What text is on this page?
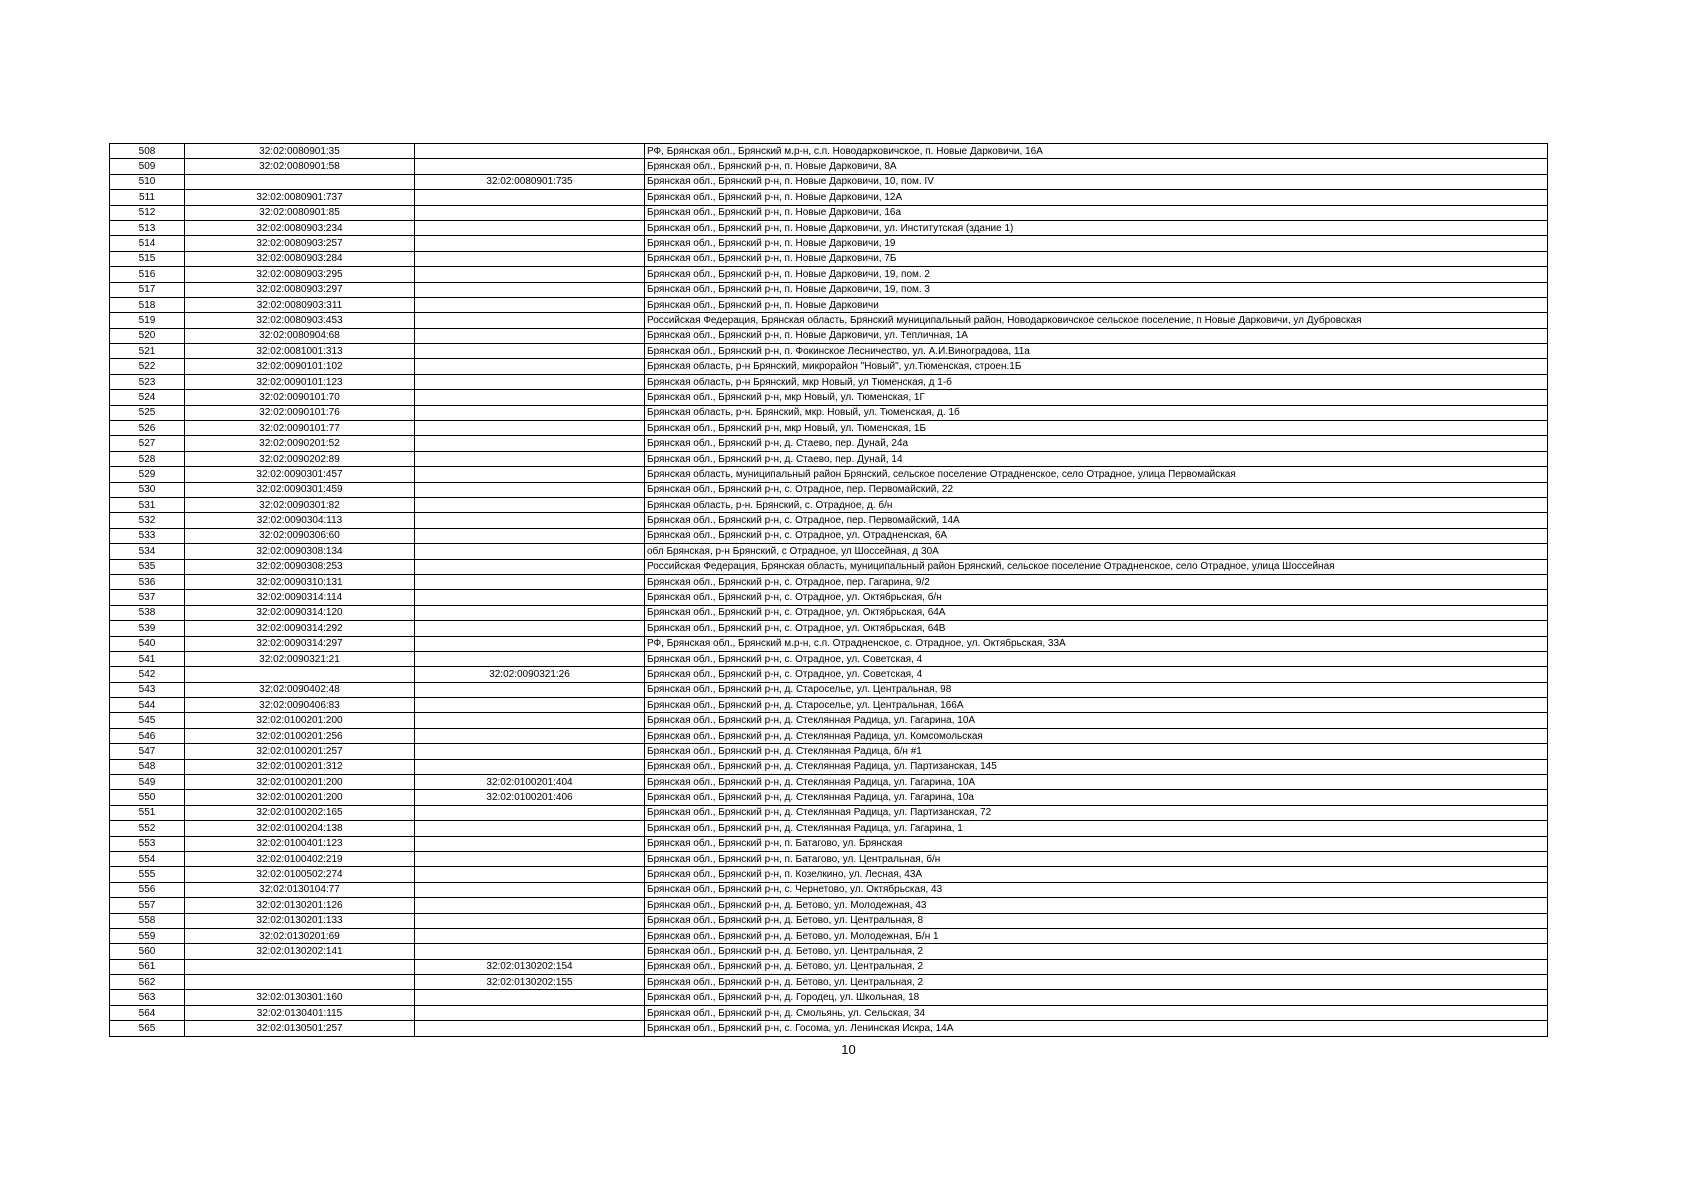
508	32:02:0080901:35		РФ, Брянская обл., Брянский м.р-н, с.п. Новодарковичское, п. Новые Дарковичи, 16А
509	32:02:0080901:58		Брянская обл., Брянский р-н, п. Новые Дарковичи, 8А
510		32:02:0080901:735	Брянская обл., Брянский р-н, п. Новые Дарковичи, 10, пом. IV
511	32:02:0080901:737		Брянская обл., Брянский р-н, п. Новые Дарковичи, 12А
512	32:02:0080901:85		Брянская обл., Брянский р-н, п. Новые Дарковичи, 16а
513	32:02:0080903:234		Брянская обл., Брянский р-н, п. Новые Дарковичи, ул. Институтская (здание 1)
514	32:02:0080903:257		Брянская обл., Брянский р-н, п. Новые Дарковичи, 19
515	32:02:0080903:284		Брянская обл., Брянский р-н, п. Новые Дарковичи, 7Б
516	32:02:0080903:295		Брянская обл., Брянский р-н, п. Новые Дарковичи, 19, пом. 2
517	32:02:0080903:297		Брянская обл., Брянский р-н, п. Новые Дарковичи, 19, пом. 3
518	32:02:0080903:311		Брянская обл., Брянский р-н, п. Новые Дарковичи
519	32:02:0080903:453		Российская Федерация, Брянская область, Брянский муниципальный район, Новодарковичское сельское поселение, п Новые Дарковичи, ул Дубровская
520	32:02:0080904:68		Брянская обл., Брянский р-н, п. Новые Дарковичи, ул. Тепличная, 1А
521	32:02:0081001:313		Брянская обл., Брянский р-н, п. Фокинское Лесничество, ул. А.И.Виноградова, 11а
522	32:02:0090101:102		Брянская область, р-н Брянский, микрорайон "Новый", ул.Тюменская, строен.1Б
523	32:02:0090101:123		Брянская область, р-н Брянский, мкр Новый, ул Тюменская, д 1-б
524	32:02:0090101:70		Брянская обл., Брянский р-н, мкр Новый, ул. Тюменская, 1Г
525	32:02:0090101:76		Брянская область, р-н. Брянский, мкр. Новый, ул. Тюменская, д. 1б
526	32:02:0090101:77		Брянская обл., Брянский р-н, мкр Новый, ул. Тюменская, 1Б
527	32:02:0090201:52		Брянская обл., Брянский р-н, д. Стаево, пер. Дунай, 24а
528	32:02:0090202:89		Брянская обл., Брянский р-н, д. Стаево, пер. Дунай, 14
529	32:02:0090301:457		Брянская область, муниципальный район Брянский, сельское поселение Отрадненское, село Отрадное, улица Первомайская
530	32:02:0090301:459		Брянская обл., Брянский р-н, с. Отрадное, пер. Первомайский, 22
531	32:02:0090301:82		Брянская область, р-н. Брянский, с. Отрадное, д. б/н
532	32:02:0090304:113		Брянская обл., Брянский р-н, с. Отрадное, пер. Первомайский, 14А
533	32:02:0090306:60		Брянская обл., Брянский р-н, с. Отрадное, ул. Отрадненская, 6А
534	32:02:0090308:134		обл Брянская, р-н Брянский, с Отрадное, ул Шоссейная, д 30А
535	32:02:0090308:253		Российская Федерация, Брянская область, муниципальный район Брянский, сельское поселение Отрадненское, село Отрадное, улица Шоссейная
536	32:02:0090310:131		Брянская обл., Брянский р-н, с. Отрадное, пер. Гагарина, 9/2
537	32:02:0090314:114		Брянская обл., Брянский р-н, с. Отрадное, ул. Октябрьская, б/н
538	32:02:0090314:120		Брянская обл., Брянский р-н, с. Отрадное, ул. Октябрьская, 64А
539	32:02:0090314:292		Брянская обл., Брянский р-н, с. Отрадное, ул. Октябрьская, 64В
540	32:02:0090314:297		РФ, Брянская обл., Брянский м.р-н, с.п. Отрадненское, с. Отрадное, ул. Октябрьская, 33А
541	32:02:0090321:21		Брянская обл., Брянский р-н, с. Отрадное, ул. Советская, 4
542		32:02:0090321:26	Брянская обл., Брянский р-н, с. Отрадное, ул. Советская, 4
543	32:02:0090402:48		Брянская обл., Брянский р-н, д. Староселье, ул. Центральная, 98
544	32:02:0090406:83		Брянская обл., Брянский р-н, д. Староселье, ул. Центральная, 166А
545	32:02:0100201:200		Брянская обл., Брянский р-н, д. Стеклянная Радица, ул. Гагарина, 10А
546	32:02:0100201:256		Брянская обл., Брянский р-н, д. Стеклянная Радица, ул. Комсомольская
547	32:02:0100201:257		Брянская обл., Брянский р-н, д. Стеклянная Радица, б/н #1
548	32:02:0100201:312		Брянская обл., Брянский р-н, д. Стеклянная Радица, ул. Партизанская, 145
549	32:02:0100201:200	32:02:0100201:404	Брянская обл., Брянский р-н, д. Стеклянная Радица, ул. Гагарина, 10А
550	32:02:0100201:200	32:02:0100201:406	Брянская обл., Брянский р-н, д. Стеклянная Радица, ул. Гагарина, 10а
551	32:02:0100202:165		Брянская обл., Брянский р-н, д. Стеклянная Радица, ул. Партизанская, 72
552	32:02:0100204:138		Брянская обл., Брянский р-н, д. Стеклянная Радица, ул. Гагарина, 1
553	32:02:0100401:123		Брянская обл., Брянский р-н, п. Батагово, ул. Брянская
554	32:02:0100402:219		Брянская обл., Брянский р-н, п. Батагово, ул. Центральная, б/н
555	32:02:0100502:274		Брянская обл., Брянский р-н, п. Козелкино, ул. Лесная, 43А
556	32:02:0130104:77		Брянская обл., Брянский р-н, с. Чернетово, ул. Октябрьская, 43
557	32:02:0130201:126		Брянская обл., Брянский р-н, д. Бетово, ул. Молодежная, 43
558	32:02:0130201:133		Брянская обл., Брянский р-н, д. Бетово, ул. Центральная, 8
559	32:02:0130201:69		Брянская обл., Брянский р-н, д. Бетово, ул. Молодежная, Б/н 1
560	32:02:0130202:141		Брянская обл., Брянский р-н, д. Бетово, ул. Центральная, 2
561		32:02:0130202:154	Брянская обл., Брянский р-н, д. Бетово, ул. Центральная, 2
562		32:02:0130202:155	Брянская обл., Брянский р-н, д. Бетово, ул. Центральная, 2
563	32:02:0130301:160		Брянская обл., Брянский р-н, д. Городец, ул. Школьная, 18
564	32:02:0130401:115		Брянская обл., Брянский р-н, д. Смольянь, ул. Сельская, 34
565	32:02:0130501:257		Брянская обл., Брянский р-н, с. Госома, ул. Ленинская Искра, 14А
10
